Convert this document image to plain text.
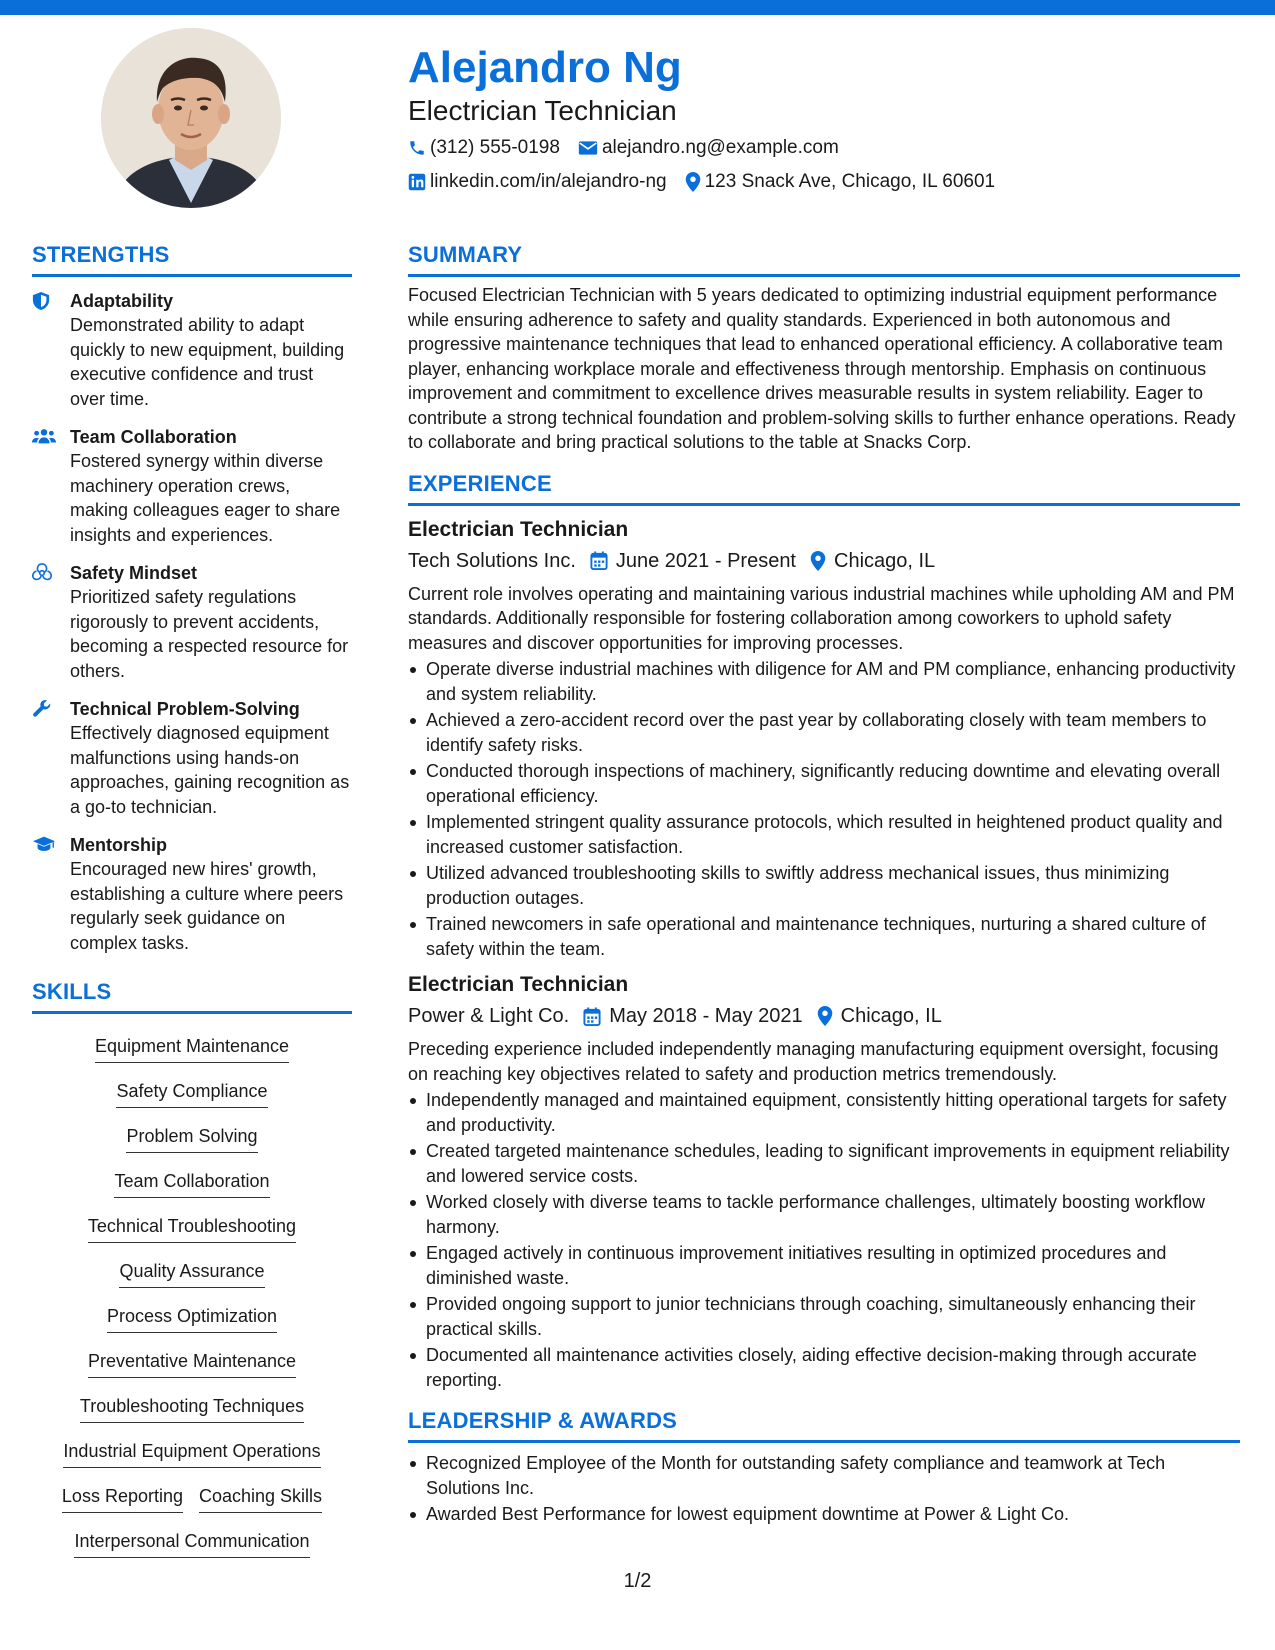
Alejandro Ng
Electrician Technician
(312) 555-0198 alejandro.ng@example.com
linkedin.com/in/alejandro-ng 123 Snack Ave, Chicago, IL 60601
STRENGTHS
Adaptability
Demonstrated ability to adapt quickly to new equipment, building executive confidence and trust over time.
Team Collaboration
Fostered synergy within diverse machinery operation crews, making colleagues eager to share insights and experiences.
Safety Mindset
Prioritized safety regulations rigorously to prevent accidents, becoming a respected resource for others.
Technical Problem-Solving
Effectively diagnosed equipment malfunctions using hands-on approaches, gaining recognition as a go-to technician.
Mentorship
Encouraged new hires' growth, establishing a culture where peers regularly seek guidance on complex tasks.
SKILLS
Equipment Maintenance
Safety Compliance
Problem Solving
Team Collaboration
Technical Troubleshooting
Quality Assurance
Process Optimization
Preventative Maintenance
Troubleshooting Techniques
Industrial Equipment Operations
Loss Reporting Coaching Skills
Interpersonal Communication
SUMMARY
Focused Electrician Technician with 5 years dedicated to optimizing industrial equipment performance while ensuring adherence to safety and quality standards. Experienced in both autonomous and progressive maintenance techniques that lead to enhanced operational efficiency. A collaborative team player, enhancing workplace morale and effectiveness through mentorship. Emphasis on continuous improvement and commitment to excellence drives measurable results in system reliability. Eager to contribute a strong technical foundation and problem-solving skills to further enhance operations. Ready to collaborate and bring practical solutions to the table at Snacks Corp.
EXPERIENCE
Electrician Technician
Tech Solutions Inc. June 2021 - Present Chicago, IL
Current role involves operating and maintaining various industrial machines while upholding AM and PM standards. Additionally responsible for fostering collaboration among coworkers to uphold safety measures and discover opportunities for improving processes.
Operate diverse industrial machines with diligence for AM and PM compliance, enhancing productivity and system reliability.
Achieved a zero-accident record over the past year by collaborating closely with team members to identify safety risks.
Conducted thorough inspections of machinery, significantly reducing downtime and elevating overall operational efficiency.
Implemented stringent quality assurance protocols, which resulted in heightened product quality and increased customer satisfaction.
Utilized advanced troubleshooting skills to swiftly address mechanical issues, thus minimizing production outages.
Trained newcomers in safe operational and maintenance techniques, nurturing a shared culture of safety within the team.
Electrician Technician
Power & Light Co. May 2018 - May 2021 Chicago, IL
Preceding experience included independently managing manufacturing equipment oversight, focusing on reaching key objectives related to safety and production metrics tremendously.
Independently managed and maintained equipment, consistently hitting operational targets for safety and productivity.
Created targeted maintenance schedules, leading to significant improvements in equipment reliability and lowered service costs.
Worked closely with diverse teams to tackle performance challenges, ultimately boosting workflow harmony.
Engaged actively in continuous improvement initiatives resulting in optimized procedures and diminished waste.
Provided ongoing support to junior technicians through coaching, simultaneously enhancing their practical skills.
Documented all maintenance activities closely, aiding effective decision-making through accurate reporting.
LEADERSHIP & AWARDS
Recognized Employee of the Month for outstanding safety compliance and teamwork at Tech Solutions Inc.
Awarded Best Performance for lowest equipment downtime at Power & Light Co.
1/2
